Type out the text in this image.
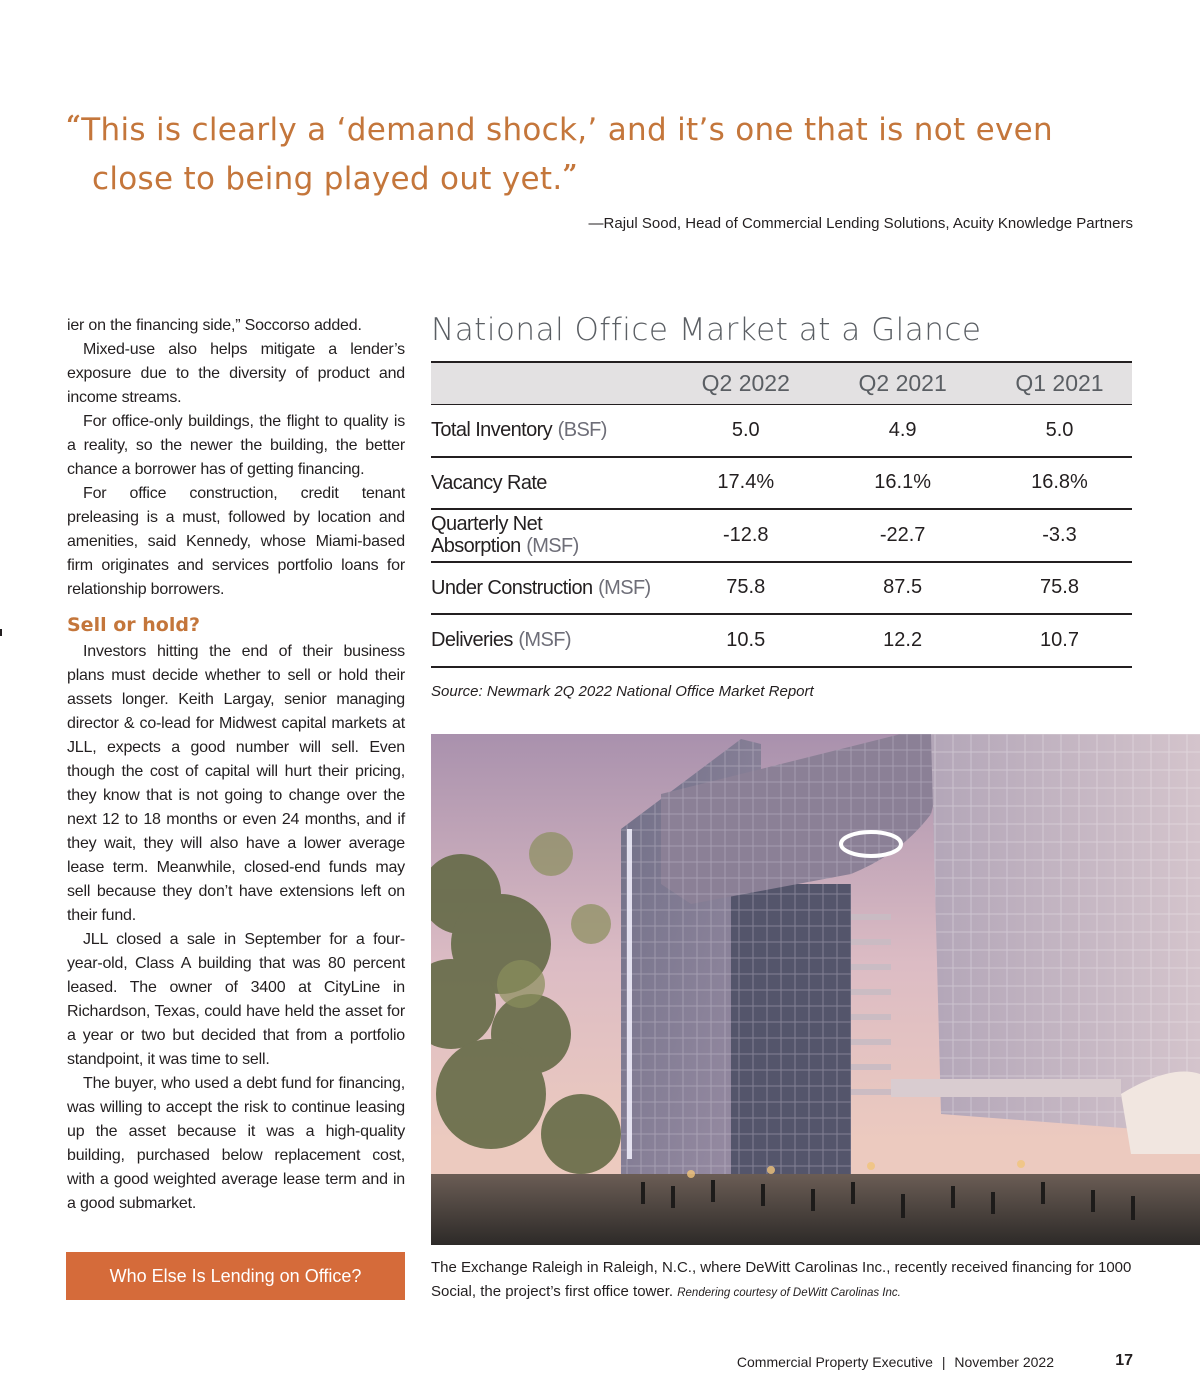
“This is clearly a ‘demand shock,’ and it’s one that is not even
close to being played out yet.”
—Rajul Sood, Head of Commercial Lending Solutions, Acuity Knowledge Partners

ier on the financing side,” Soccorso added.

Mixed-use also helps mitigate a lender’s exposure due to the diversity of product and income streams.

For office-only buildings, the flight to quality is a reality, so the newer the building, the better chance a borrower has of getting financing.

For office construction, credit tenant preleasing is a must, followed by location and amenities, said Kennedy, whose Miami-based firm originates and services portfolio loans for relationship borrowers.

Sell or hold?

Investors hitting the end of their business plans must decide whether to sell or hold their assets longer. Keith Largay, senior managing director & co-lead for Midwest capital markets at JLL, expects a good number will sell. Even though the cost of capital will hurt their pricing, they know that is not going to change over the next 12 to 18 months or even 24 months, and if they wait, they will also have a lower average lease term. Meanwhile, closed-end funds may sell because they don’t have extensions left on their fund.

JLL closed a sale in September for a four-year-old, Class A building that was 80 percent leased. The owner of 3400 at CityLine in Richardson, Texas, could have held the asset for a year or two but decided that from a portfolio standpoint, it was time to sell.

The buyer, who used a debt fund for financing, was willing to accept the risk to continue leasing up the asset because it was a high-quality building, purchased below replacement cost, with a good weighted average lease term and in a good submarket.

Who Else Is Lending on Office?
National Office Market at a Glance
	Q2 2022	Q2 2021	Q1 2021
Total Inventory (BSF)	5.0	4.9	5.0
Vacancy Rate	17.4%	16.1%	16.8%
Quarterly Net
Absorption (MSF)	-12.8	-22.7	-3.3
Under Construction (MSF)	75.8	87.5	75.8
Deliveries (MSF)	10.5	12.2	10.7
Source: Newmark 2Q 2022 National Office Market Report
The Exchange Raleigh in Raleigh, N.C., where DeWitt Carolinas Inc., recently received financing for 1000 Social, the project’s first office tower. Rendering courtesy of DeWitt Carolinas Inc.
Commercial Property Executive | November 2022	17
